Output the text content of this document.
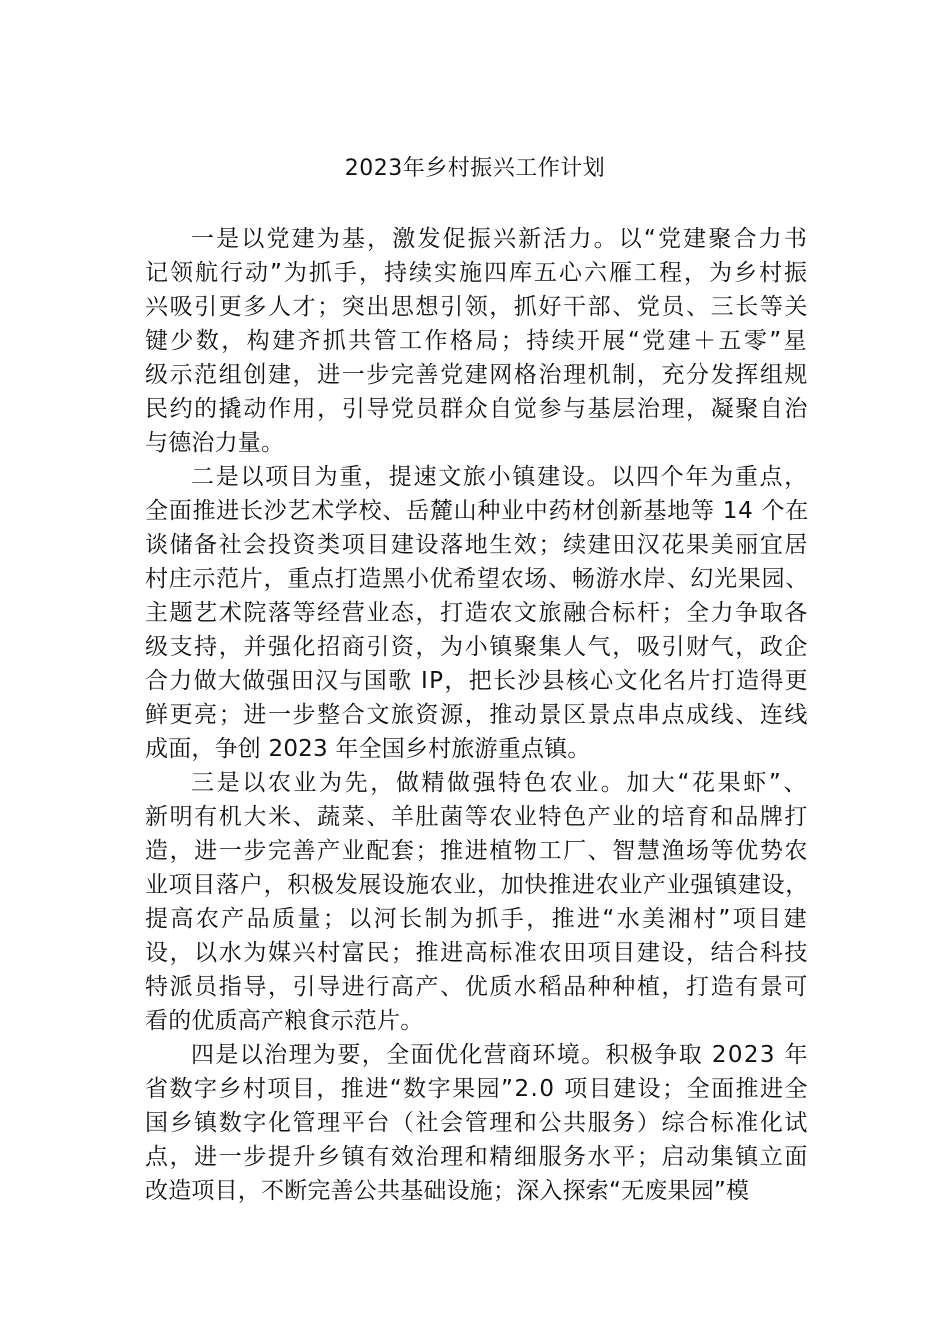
2023年乡村振兴工作计划
一是以党建为基，激发促振兴新活力。以“党建聚合力书
记领航行动”为抓手，持续实施四库五心六雁工程，为乡村振
兴吸引更多人才；突出思想引领，抓好干部、党员、三长等关
键少数，构建齐抓共管工作格局；持续开展“党建＋五零”星
级示范组创建，进一步完善党建网格治理机制，充分发挥组规
民约的撬动作用，引导党员群众自觉参与基层治理，凝聚自治
与德治力量。
二是以项目为重，提速文旅小镇建设。以四个年为重点，
全面推进长沙艺术学校、岳麓山种业中药材创新基地等 14 个在
谈储备社会投资类项目建设落地生效；续建田汉花果美丽宜居
村庄示范片，重点打造黑小优希望农场、畅游水岸、幻光果园、
主题艺术院落等经营业态，打造农文旅融合标杆；全力争取各
级支持，并强化招商引资，为小镇聚集人气，吸引财气，政企
合力做大做强田汉与国歌 IP，把长沙县核心文化名片打造得更
鲜更亮；进一步整合文旅资源，推动景区景点串点成线、连线
成面，争创 2023 年全国乡村旅游重点镇。
三是以农业为先，做精做强特色农业。加大“花果虾”、
新明有机大米、蔬菜、羊肚菌等农业特色产业的培育和品牌打
造，进一步完善产业配套；推进植物工厂、智慧渔场等优势农
业项目落户，积极发展设施农业，加快推进农业产业强镇建设，
提高农产品质量；以河长制为抓手，推进“水美湘村”项目建
设，以水为媒兴村富民；推进高标准农田项目建设，结合科技
特派员指导，引导进行高产、优质水稻品种种植，打造有景可
看的优质高产粮食示范片。
四是以治理为要，全面优化营商环境。积极争取 2023 年
省数字乡村项目，推进“数字果园”2.0 项目建设；全面推进全
国乡镇数字化管理平台（社会管理和公共服务）综合标准化试
点，进一步提升乡镇有效治理和精细服务水平；启动集镇立面
改造项目，不断完善公共基础设施；深入探索“无废果园”模
